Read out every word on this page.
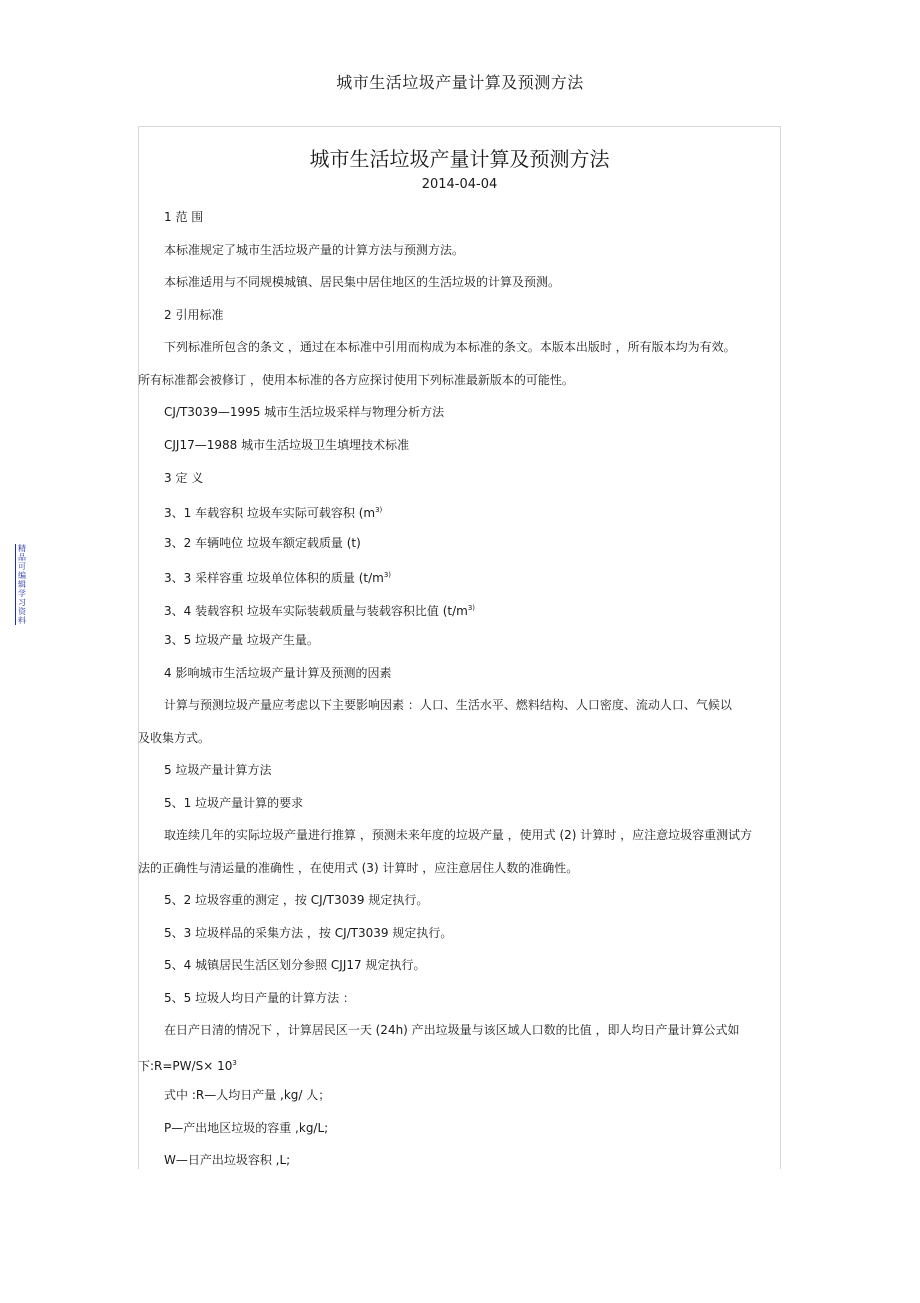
城市生活垃圾产量计算及预测方法
精品可编辑学习资料
城市生活垃圾产量计算及预测方法
2014-04-04
1 范 围
本标准规定了城市生活垃圾产量的计算方法与预测方法。
本标准适用与不同规模城镇、居民集中居住地区的生活垃圾的计算及预测。
2 引用标准
下列标准所包含的条文 ，通过在本标准中引用而构成为本标准的条文。本版本出版时 ，所有版本均为有效。
所有标准都会被修订 ，使用本标准的各方应探讨使用下列标准最新版本的可能性。
CJ/T3039—1995 城市生活垃圾采样与物理分析方法
CJJ17—1988 城市生活垃圾卫生填埋技术标准
3 定 义
3、1 车载容积 垃圾车实际可载容积 ($m^{3)}$
3、2 车辆吨位 垃圾车额定载质量 (t)
3、3 采样容重 垃圾单位体积的质量 ($t/m^{3)}$
3、4 装载容积 垃圾车实际装载质量与装载容积比值 ($t/m^{3)}$
3、5 垃圾产量 垃圾产生量。
4 影响城市生活垃圾产量计算及预测的因素
计算与预测垃圾产量应考虑以下主要影响因素 ：人口、生活水平、燃料结构、人口密度、流动人口、气候以
及收集方式。
5 垃圾产量计算方法
5、1 垃圾产量计算的要求
取连续几年的实际垃圾产量进行推算 ，预测未来年度的垃圾产量 ，使用式 (2) 计算时 ，应注意垃圾容重测试方
法的正确性与清运量的准确性 ，在使用式 (3) 计算时 ，应注意居住人数的准确性。
5、2 垃圾容重的测定 ，按 CJ/T3039 规定执行。
5、3 垃圾样品的采集方法 ，按 CJ/T3039 规定执行。
5、4 城镇居民生活区划分参照 CJJ17 规定执行。
5、5 垃圾人均日产量的计算方法 ：
在日产日清的情况下 ，计算居民区一天 (24h) 产出垃圾量与该区域人口数的比值 ，即人均日产量计算公式如
下:R=PW/S× $10^3$
式中 :R—人均日产量 ,kg/ 人；
P—产出地区垃圾的容重 ,kg/L;
W—日产出垃圾容积 ,L;
